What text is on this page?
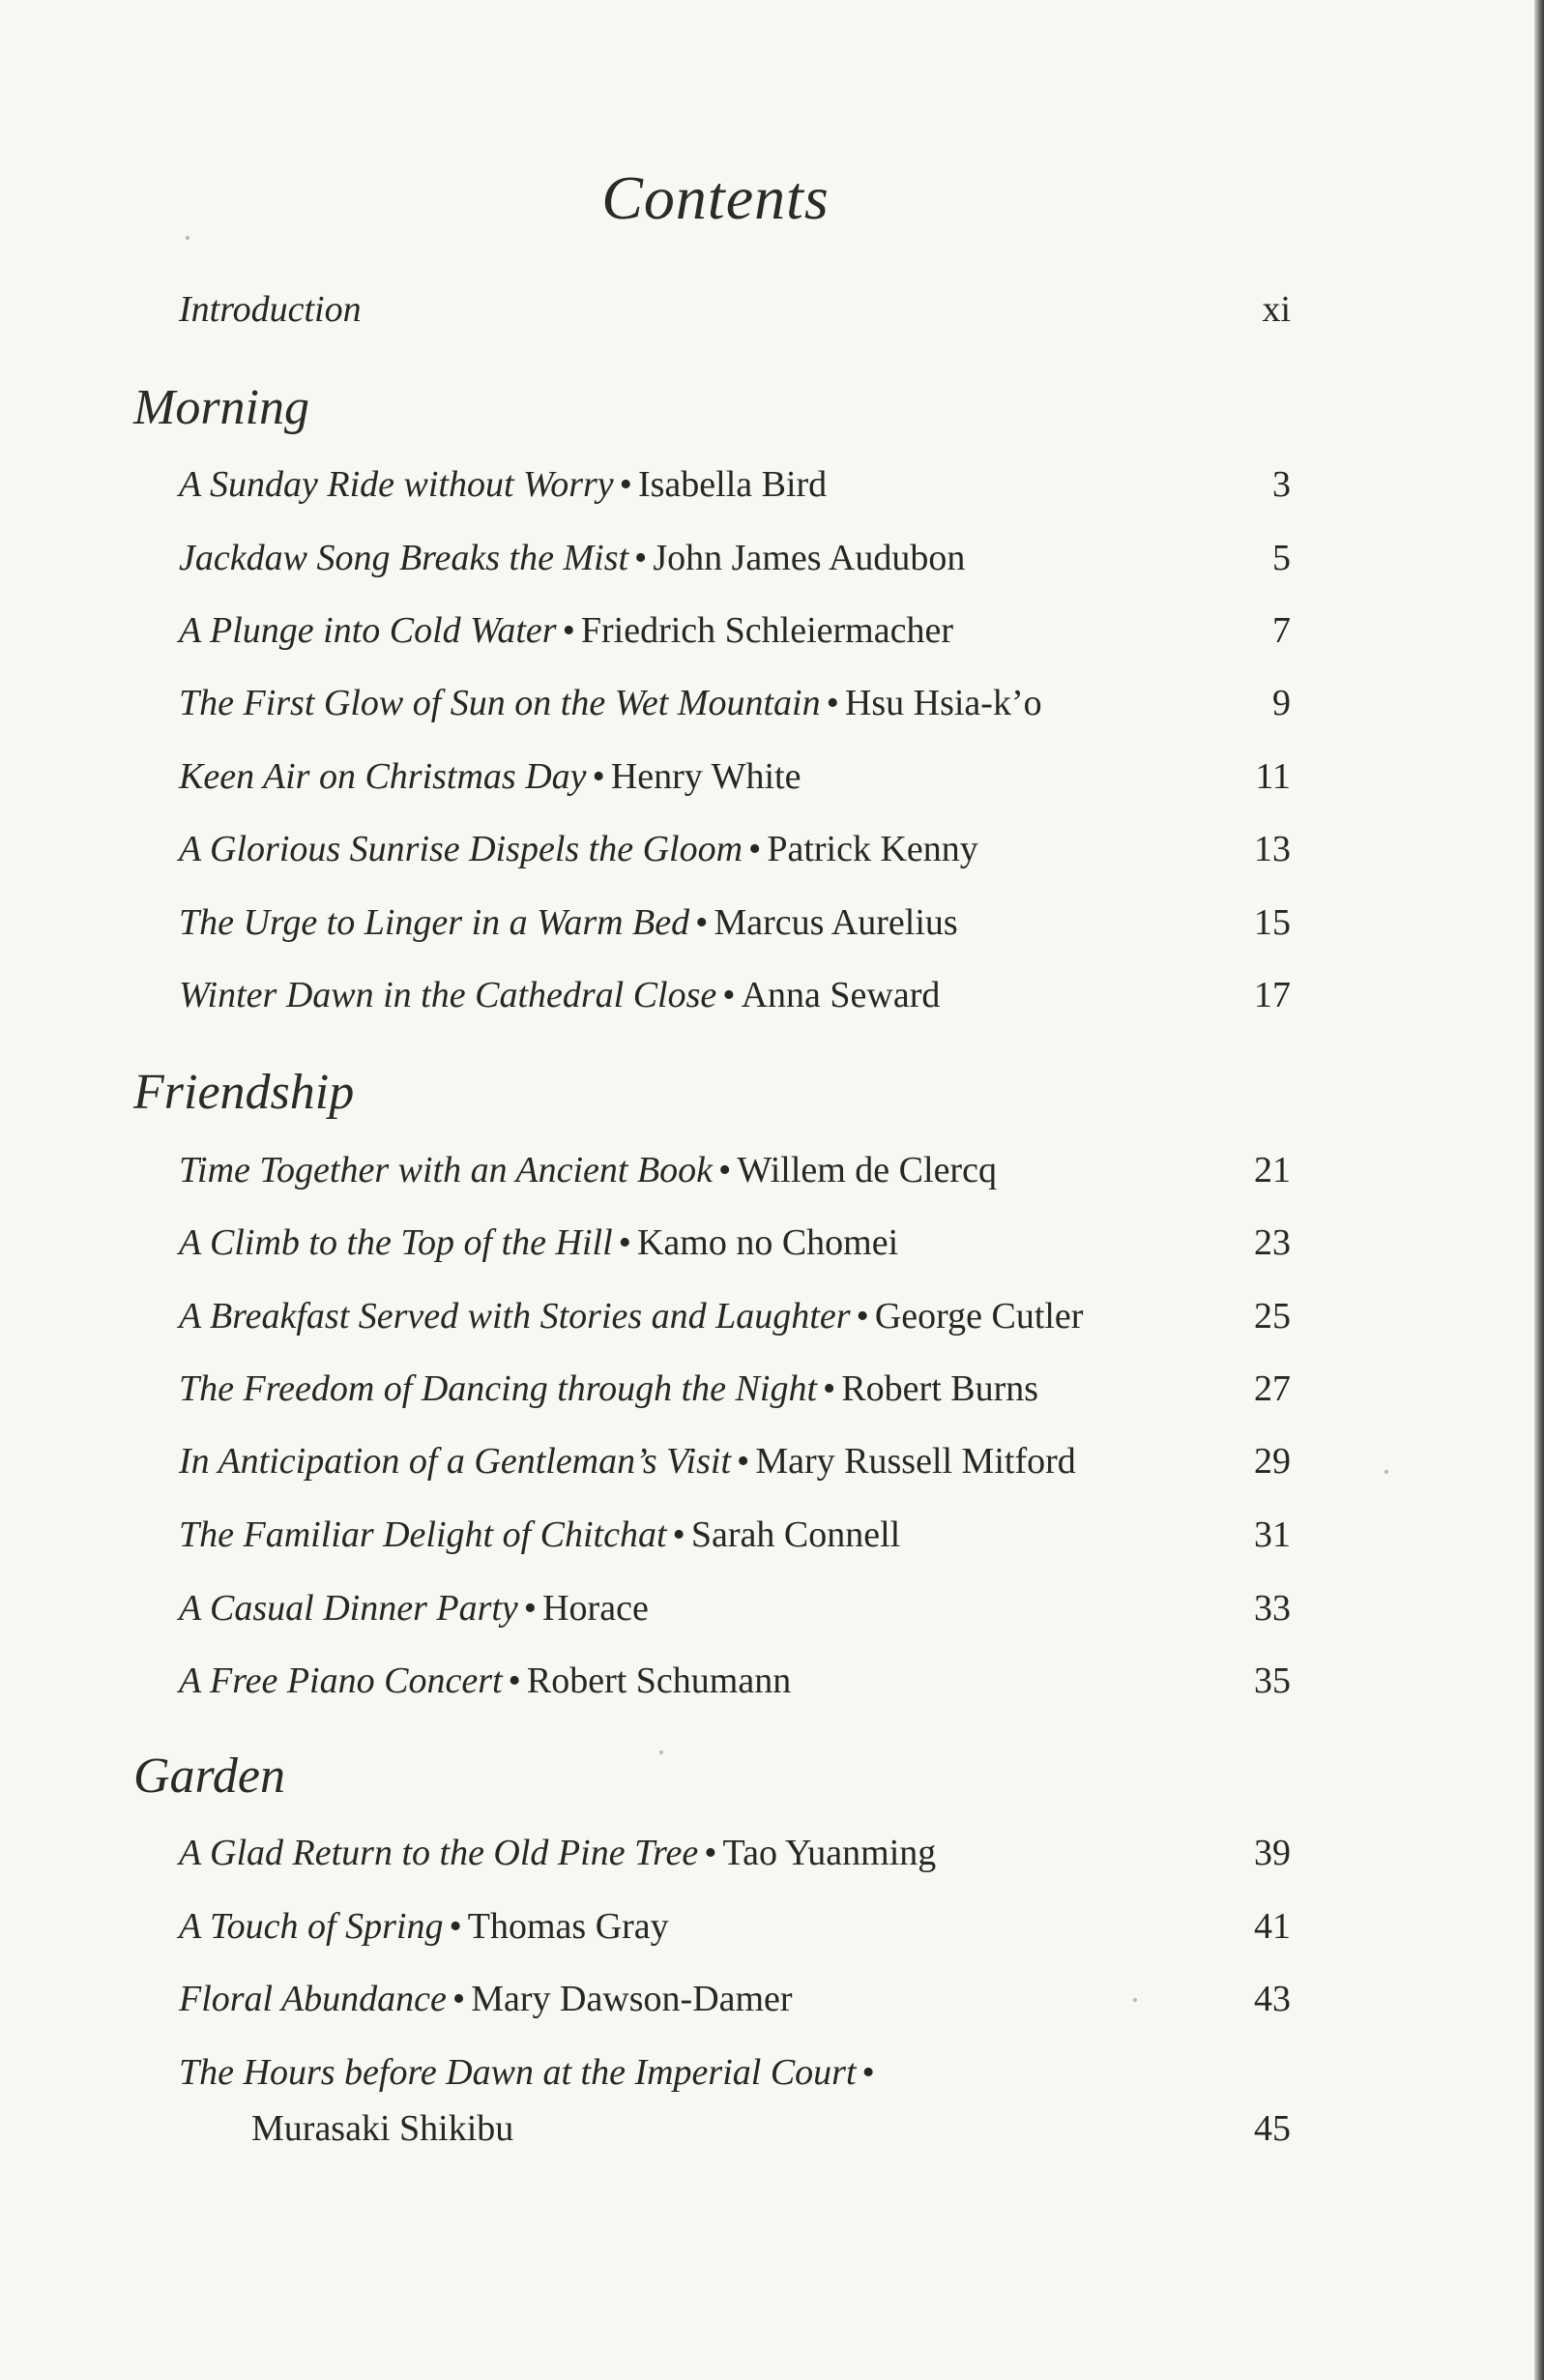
Contents
Introduction	xi
Morning
A Sunday Ride without Worry • Isabella Bird	3
Jackdaw Song Breaks the Mist • John James Audubon	5
A Plunge into Cold Water • Friedrich Schleiermacher	7
The First Glow of Sun on the Wet Mountain • Hsu Hsia-k’o	9
Keen Air on Christmas Day • Henry White	11
A Glorious Sunrise Dispels the Gloom • Patrick Kenny	13
The Urge to Linger in a Warm Bed • Marcus Aurelius	15
Winter Dawn in the Cathedral Close • Anna Seward	17
Friendship
Time Together with an Ancient Book • Willem de Clercq	21
A Climb to the Top of the Hill • Kamo no Chomei	23
A Breakfast Served with Stories and Laughter • George Cutler	25
The Freedom of Dancing through the Night • Robert Burns	27
In Anticipation of a Gentleman’s Visit • Mary Russell Mitford	29
The Familiar Delight of Chitchat • Sarah Connell	31
A Casual Dinner Party • Horace	33
A Free Piano Concert • Robert Schumann	35
Garden
A Glad Return to the Old Pine Tree • Tao Yuanming	39
A Touch of Spring • Thomas Gray	41
Floral Abundance • Mary Dawson-Damer	43
The Hours before Dawn at the Imperial Court •
Murasaki Shikibu	45
